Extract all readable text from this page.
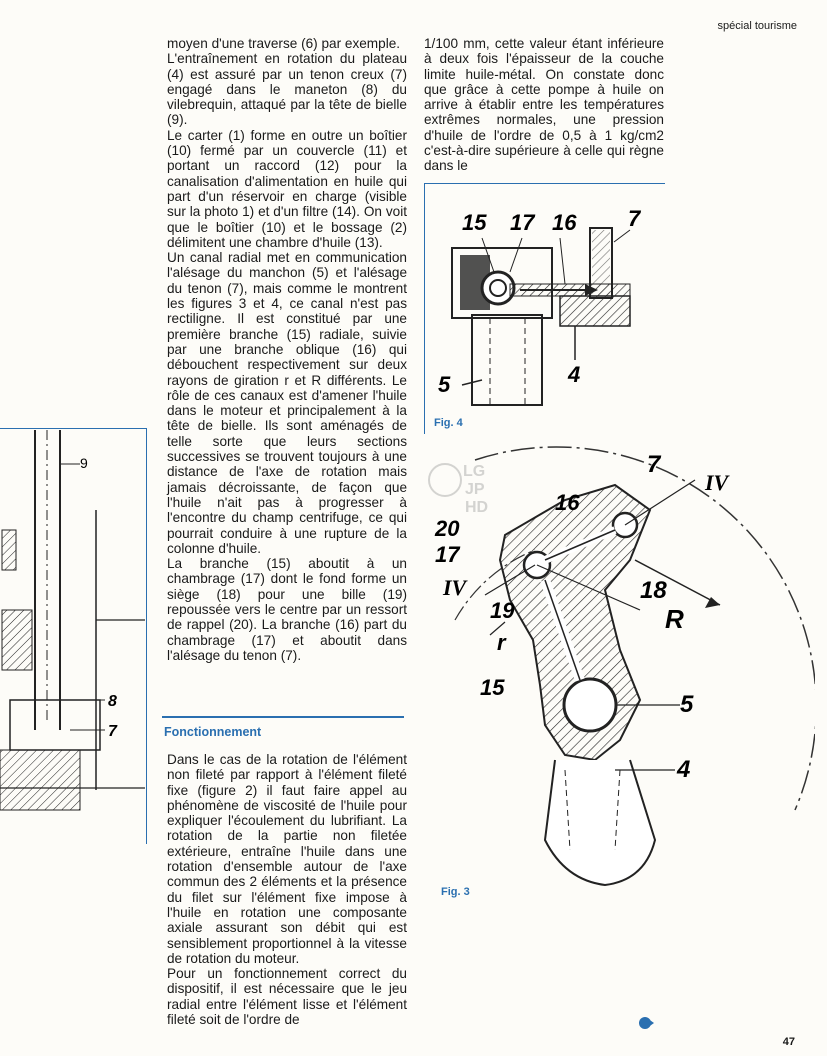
spécial tourisme

moyen d'une traverse (6) par exemple.

L'entraînement en rotation du plateau (4) est assuré par un tenon creux (7) engagé dans le maneton (8) du vilebrequin, attaqué par la tête de bielle (9).

Le carter (1) forme en outre un boîtier (10) fermé par un couvercle (11) et portant un raccord (12) pour la canalisation d'alimentation en huile qui part d'un réservoir en charge (visible sur la photo 1) et d'un filtre (14). On voit que le boîtier (10) et le bossage (2) délimitent une chambre d'huile (13).

Un canal radial met en communication l'alésage du manchon (5) et l'alésage du tenon (7), mais comme le montrent les figures 3 et 4, ce canal n'est pas rectiligne. Il est constitué par une première branche (15) radiale, suivie par une branche oblique (16) qui débouchent respectivement sur deux rayons de giration r et R différents. Le rôle de ces canaux est d'amener l'huile dans le moteur et principalement à la tête de bielle. Ils sont aménagés de telle sorte que leurs sections successives se trouvent toujours à une distance de l'axe de rotation mais jamais décroissante, de façon que l'huile n'ait pas à progresser à l'encontre du champ centrifuge, ce qui pourrait conduire à une rupture de la colonne d'huile.

La branche (15) aboutit à un chambrage (17) dont le fond forme un siège (18) pour une bille (19) repoussée vers le centre par un ressort de rappel (20). La branche (16) part du chambrage (17) et aboutit dans l'alésage du tenon (7).

Fonctionnement

Dans le cas de la rotation de l'élément non fileté par rapport à l'élément fileté fixe (figure 2) il faut faire appel au phénomène de viscosité de l'huile pour expliquer l'écoulement du lubrifiant. La rotation de la partie non filetée extérieure, entraîne l'huile dans une rotation d'ensemble autour de l'axe commun des 2 éléments et la présence du filet sur l'élément fixe impose à l'huile en rotation une composante axiale assurant son débit qui est sensiblement proportionnel à la vitesse de rotation du moteur.

Pour un fonctionnement correct du dispositif, il est nécessaire que le jeu radial entre l'élément lisse et l'élément fileté soit de l'ordre de

1/100 mm, cette valeur étant inférieure à deux fois l'épaisseur de la couche limite huile-métal. On constate donc que grâce à cette pompe à huile on arrive à établir entre les températures extrêmes normales, une pression d'huile de l'ordre de 0,5 à 1 kg/cm2 c'est-à-dire supérieure à celle qui règne dans le

15 17 16 7
5	4
Fig. 4
7
IV
16
20
17
IV	18
19	R
r
15
5
4
LG
JP
HD
Fig. 3
9
8
7
47
